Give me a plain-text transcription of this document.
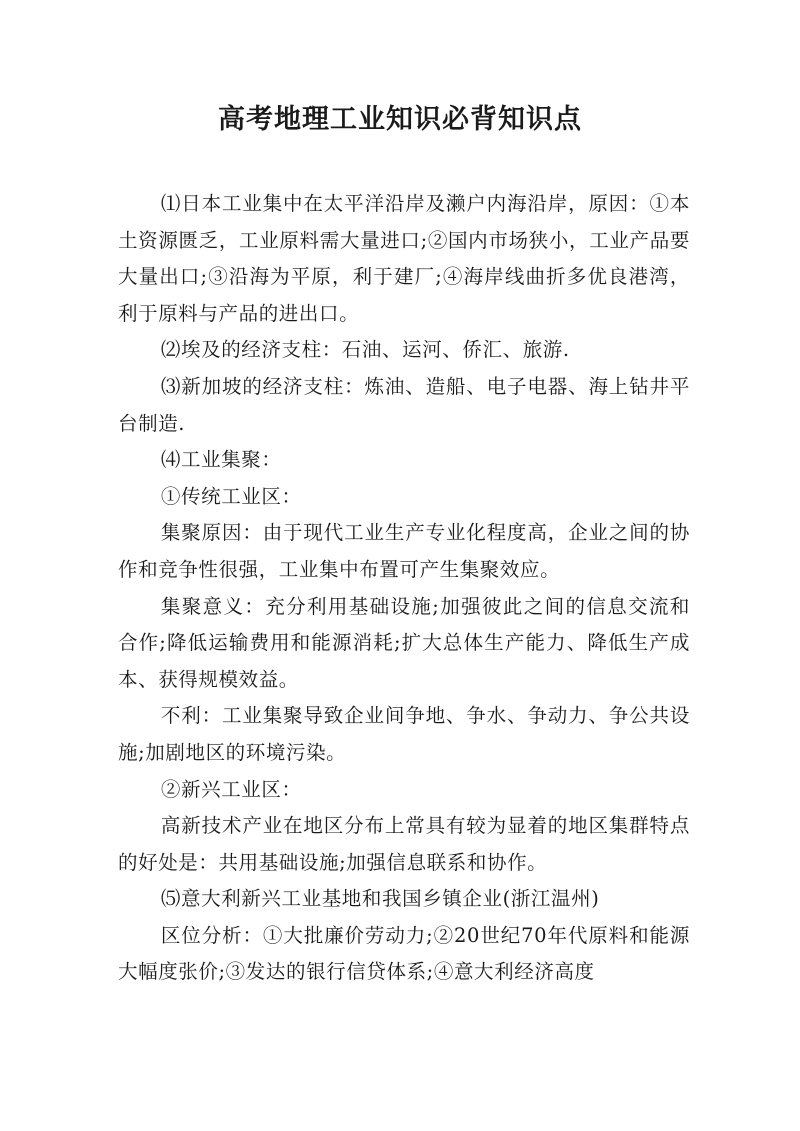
高考地理工业知识必背知识点

⑴日本工业集中在太平洋沿岸及濑户内海沿岸，原因：①本土资源匮乏，工业原料需大量进口;②国内市场狭小，工业产品要大量出口;③沿海为平原，利于建厂;④海岸线曲折多优良港湾，利于原料与产品的进出口。

⑵埃及的经济支柱：石油、运河、侨汇、旅游.

⑶新加坡的经济支柱：炼油、造船、电子电器、海上钻井平台制造.

⑷工业集聚：

①传统工业区：

集聚原因：由于现代工业生产专业化程度高，企业之间的协作和竞争性很强，工业集中布置可产生集聚效应。

集聚意义：充分利用基础设施;加强彼此之间的信息交流和合作;降低运输费用和能源消耗;扩大总体生产能力、降低生产成本、获得规模效益。

不利：工业集聚导致企业间争地、争水、争动力、争公共设施;加剧地区的环境污染。

②新兴工业区：

高新技术产业在地区分布上常具有较为显着的地区集群特点的好处是：共用基础设施;加强信息联系和协作。

⑸意大利新兴工业基地和我国乡镇企业(浙江温州)

区位分析：①大批廉价劳动力;②20世纪70年代原料和能源大幅度张价;③发达的银行信贷体系;④意大利经济高度
